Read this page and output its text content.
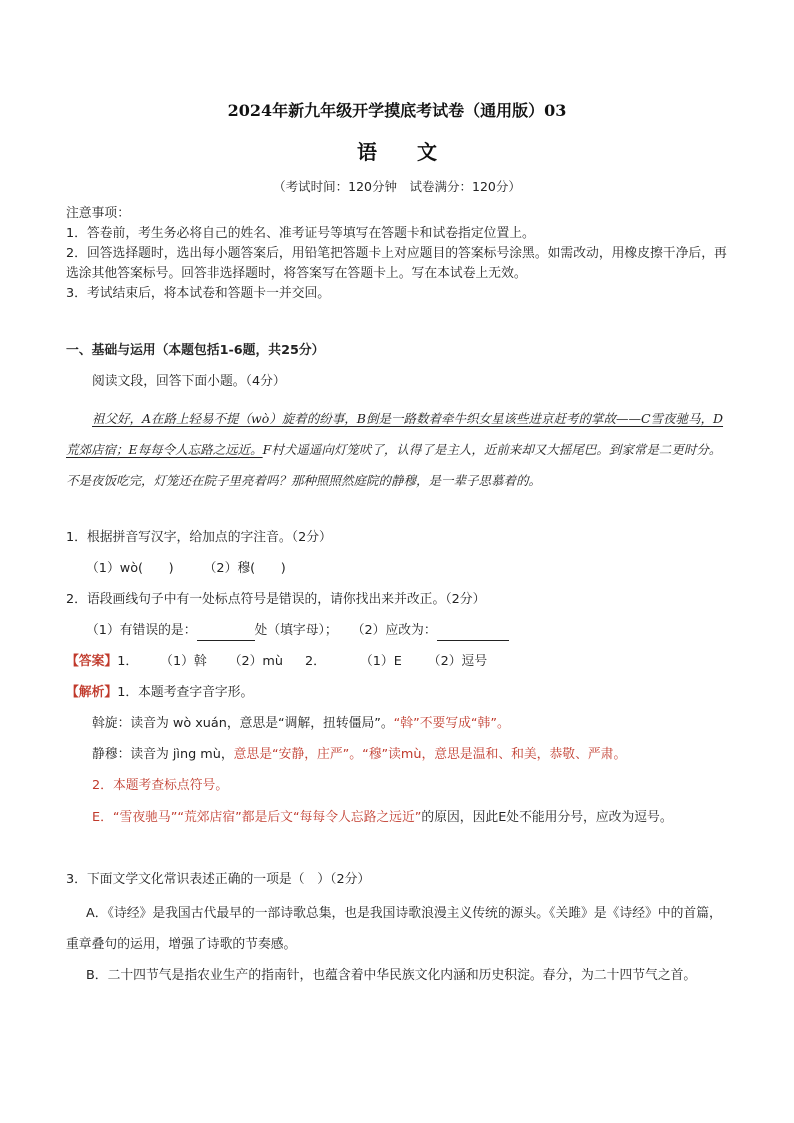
2024年新九年级开学摸底考试卷（通用版）03
语 文
（考试时间：120分钟　试卷满分：120分）
注意事项：
1．答卷前，考生务必将自己的姓名、准考证号等填写在答题卡和试卷指定位置上。
2．回答选择题时，选出每小题答案后，用铅笔把答题卡上对应题目的答案标号涂黑。如需改动，用橡皮擦干净后，再选涂其他答案标号。回答非选择题时，将答案写在答题卡上。写在本试卷上无效。
3．考试结束后，将本试卷和答题卡一并交回。
一、基础与运用（本题包括1-6题，共25分）
阅读文段，回答下面小题。（4分）
祖父好，A在路上轻易不提（wò）旋着的纷事，B倒是一路数着牵牛织女星该些进京赶考的掌故——C雪夜驰马，D荒郊店宿；E每每令人忘路之远近。F村犬遥遥向灯笼吠了，认得了是主人，近前来却又大摇尾巴。到家常是二更时分。不是夜饭吃完，灯笼还在院子里亮着吗？那种照照然庭院的静穆，是一辈子思慕着的。
1．根据拼音写汉字，给加点的字注音。（2分）
（1）wò(　　) （2）穆(　　)
2．语段画线句子中有一处标点符号是错误的，请你找出来并改正。（2分）
（1）有错误的是：	处（填字母）； （2）应改为：
【答案】1． （1）斡 （2）mù 2．	（1）E （2）逗号
【解析】1．本题考查字音字形。
斡旋：读音为 wò xuán，意思是“调解，扭转僵局”。“斡”不要写成“韩”。
静穆：读音为 jìng mù，意思是“安静，庄严”。“穆”读mù，意思是温和、和美，恭敬、严肃。
2．本题考查标点符号。
E．“雪夜驰马”“荒郊店宿”都是后文“每每令人忘路之远近”的原因，因此E处不能用分号，应改为逗号。
3．下面文学文化常识表述正确的一项是（　）（2分）
A．《诗经》是我国古代最早的一部诗歌总集，也是我国诗歌浪漫主义传统的源头。《关雎》是《诗经》中的首篇，重章叠句的运用，增强了诗歌的节奏感。
B．二十四节气是指农业生产的指南针，也蕴含着中华民族文化内涵和历史积淀。春分，为二十四节气之首。
